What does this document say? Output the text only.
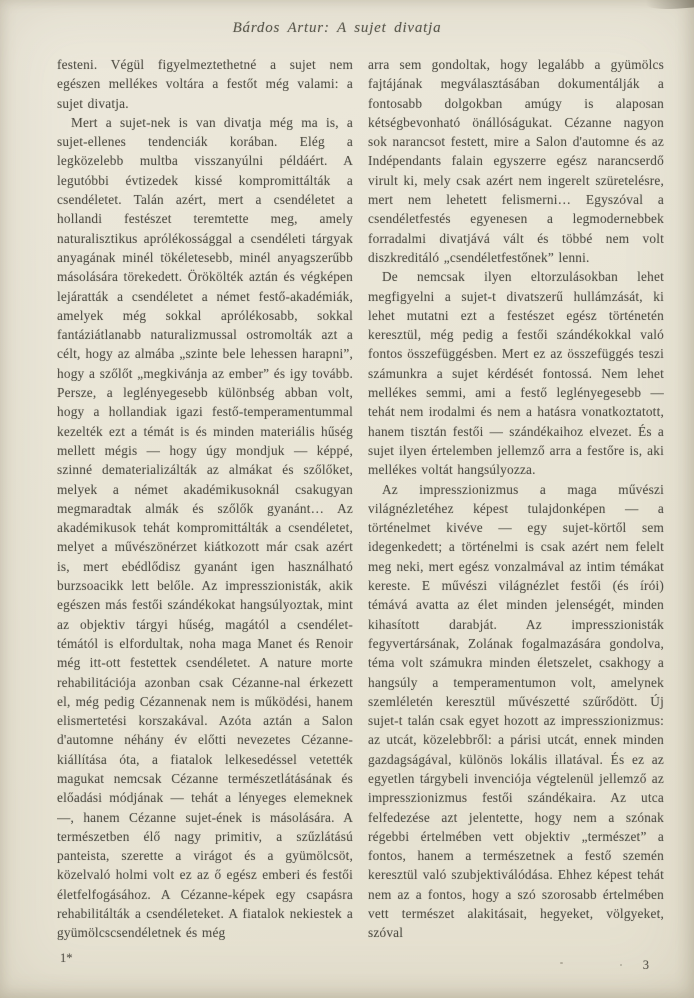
Bárdos Artur: A sujet divatja

festeni. Végül figyelmeztethetné a sujet nem egészen mellékes voltára a festőt még valami: a sujet divatja.

Mert a sujet-nek is van divatja még ma is, a sujet-ellenes tendenciák korában. Elég a legközelebb multba visszanyúlni példáért. A legutóbbi évtizedek kissé kompromittálták a csendéletet. Talán azért, mert a csendéletet a hollandi festészet teremtette meg, amely naturalisztikus aprólékossággal a csendéleti tárgyak anyagának minél tökéletesebb, minél anyagszerűbb másolására törekedett. Örökölték aztán és végképen lejáratták a csendéletet a német festő-akadémiák, amelyek még sokkal aprólékosabb, sokkal fantáziátlanabb naturalizmussal ostromolták azt a célt, hogy az almába „szinte bele lehessen harapni”, hogy a szőlőt „megkivánja az ember” és igy tovább. Persze, a leglényegesebb különbség abban volt, hogy a hollandiak igazi festő-temperamentummal kezelték ezt a témát is és minden materiális hűség mellett mégis — hogy úgy mondjuk — képpé, szinné dematerializálták az almákat és szőlőket, melyek a német akadémikusoknál csakugyan megmaradtak almák és szőlők gyanánt… Az akadémikusok tehát kompromittálták a csendéletet, melyet a művészönérzet kiátkozott már csak azért is, mert ebédlődisz gyanánt igen használható burzsoacikk lett belőle. Az impresszionisták, akik egészen más festői szándékokat hangsúlyoztak, mint az objektiv tárgyi hűség, magától a csendélet-témától is elfordultak, noha maga Manet és Renoir még itt-ott festettek csendéletet. A nature morte rehabilitációja azonban csak Cézanne-nal érkezett el, még pedig Cézannenak nem is működési, hanem elismertetési korszakával. Azóta aztán a Salon d'automne néhány év előtti nevezetes Cézanne-kiállítása óta, a fiatalok lelkesedéssel vetették magukat nemcsak Cézanne természetlátásának és előadási módjának — tehát a lényeges elemeknek —, hanem Cézanne sujet-ének is másolására. A természetben élő nagy primitiv, a szűzlátású panteista, szerette a virágot és a gyümölcsöt, közelvaló holmi volt ez az ő egész emberi és festői életfelfogásához. A Cézanne-képek egy csapásra rehabilitálták a csendéleteket. A fiatalok nekiestek a gyümölcscsendéletnek és még

arra sem gondoltak, hogy legalább a gyümölcs fajtájának megválasztásában dokumentálják a fontosabb dolgokban amúgy is alaposan kétségbevonható önállóságukat. Cézanne nagyon sok narancsot festett, mire a Salon d'automne és az Indépendants falain egyszerre egész narancserdő virult ki, mely csak azért nem ingerelt szüretelésre, mert nem lehetett felismerni… Egyszóval a csendéletfestés egyenesen a legmodernebbek forradalmi divatjává vált és többé nem volt diszkreditáló „csendéletfestőnek” lenni.

De nemcsak ilyen eltorzulásokban lehet megfigyelni a sujet-t divatszerű hullámzását, ki lehet mutatni ezt a festészet egész történetén keresztül, még pedig a festői szándékokkal való fontos összefüggésben. Mert ez az összefüggés teszi számunkra a sujet kérdését fontossá. Nem lehet mellékes semmi, ami a festő leglényegesebb — tehát nem irodalmi és nem a hatásra vonatkoztatott, hanem tisztán festői — szándékaihoz elvezet. És a sujet ilyen értelemben jellemző arra a festőre is, aki mellékes voltát hangsúlyozza.

Az impresszionizmus a maga művészi világnézletéhez képest tulajdonképen — a történelmet kivéve — egy sujet-körtől sem idegenkedett; a történelmi is csak azért nem felelt meg neki, mert egész vonzalmával az intim témákat kereste. E művészi világnézlet festői (és írói) témává avatta az élet minden jelenségét, minden kihasított darabját. Az impresszionisták fegyvertársának, Zolának fogalmazására gondolva, téma volt számukra minden életszelet, csakhogy a hangsúly a temperamentumon volt, amelynek szemléletén keresztül művészetté szűrődött. Új sujet-t talán csak egyet hozott az impresszionizmus: az utcát, közelebbről: a párisi utcát, ennek minden gazdagságával, különös lokális illatával. És ez az egyetlen tárgybeli invenciója végtelenül jellemző az impresszionizmus festői szándékaira. Az utca felfedezése azt jelentette, hogy nem a szónak régebbi értelmében vett objektiv „természet” a fontos, hanem a természetnek a festő szemén keresztül való szubjektiválódása. Ehhez képest tehát nem az a fontos, hogy a szó szorosabb értelmében vett természet alakitásait, hegyeket, völgyeket, szóval

1*	3
